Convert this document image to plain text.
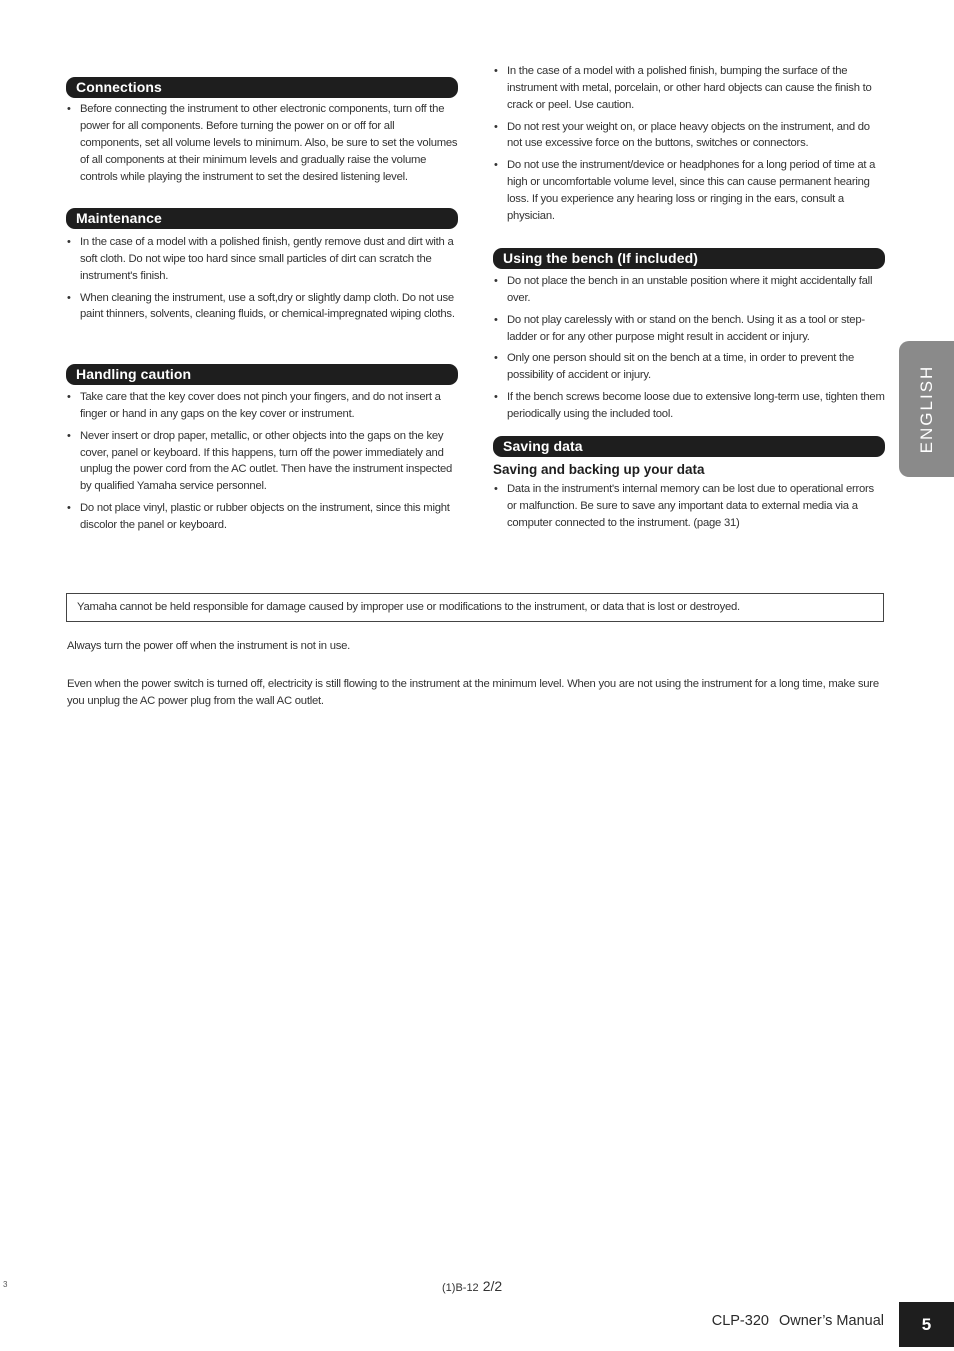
Connections
• Before connecting the instrument to other electronic components, turn off the power for all components. Before turning the power on or off for all components, set all volume levels to minimum. Also, be sure to set the volumes of all components at their minimum levels and gradually raise the volume controls while playing the instrument to set the desired listening level.
Maintenance
• In the case of a model with a polished finish, gently remove dust and dirt with a soft cloth. Do not wipe too hard since small particles of dirt can scratch the instrument's finish.
• When cleaning the instrument, use a soft,dry or slightly damp cloth. Do not use paint thinners, solvents, cleaning fluids, or chemical-impregnated wiping cloths.
Handling caution
• Take care that the key cover does not pinch your fingers, and do not insert a finger or hand in any gaps on the key cover or instrument.
• Never insert or drop paper, metallic, or other objects into the gaps on the key cover, panel or keyboard. If this happens, turn off the power immediately and unplug the power cord from the AC outlet. Then have the instrument inspected by qualified Yamaha service personnel.
• Do not place vinyl, plastic or rubber objects on the instrument, since this might discolor the panel or keyboard.
• In the case of a model with a polished finish, bumping the surface of the instrument with metal, porcelain, or other hard objects can cause the finish to crack or peel. Use caution.
• Do not rest your weight on, or place heavy objects on the instrument, and do not use excessive force on the buttons, switches or connectors.
• Do not use the instrument/device or headphones for a long period of time at a high or uncomfortable volume level, since this can cause permanent hearing loss. If you experience any hearing loss or ringing in the ears, consult a physician.
Using the bench (If included)
• Do not place the bench in an unstable position where it might accidentally fall over.
• Do not play carelessly with or stand on the bench. Using it as a tool or step-ladder or for any other purpose might result in accident or injury.
• Only one person should sit on the bench at a time, in order to prevent the possibility of accident or injury.
• If the bench screws become loose due to extensive long-term use, tighten them periodically using the included tool.
Saving data
Saving and backing up your data
• Data in the instrument's internal memory can be lost due to operational errors or malfunction. Be sure to save any important data to external media via a computer connected to the instrument. (page 31)
Yamaha cannot be held responsible for damage caused by improper use or modifications to the instrument, or data that is lost or destroyed.

Always turn the power off when the instrument is not in use.

Even when the power switch is turned off, electricity is still flowing to the instrument at the minimum level. When you are not using the instrument for a long time, make sure you unplug the AC power plug from the wall AC outlet.

ENGLISH
3	(1)B-12 2/2
CLP-320 Owner’s Manual	5
